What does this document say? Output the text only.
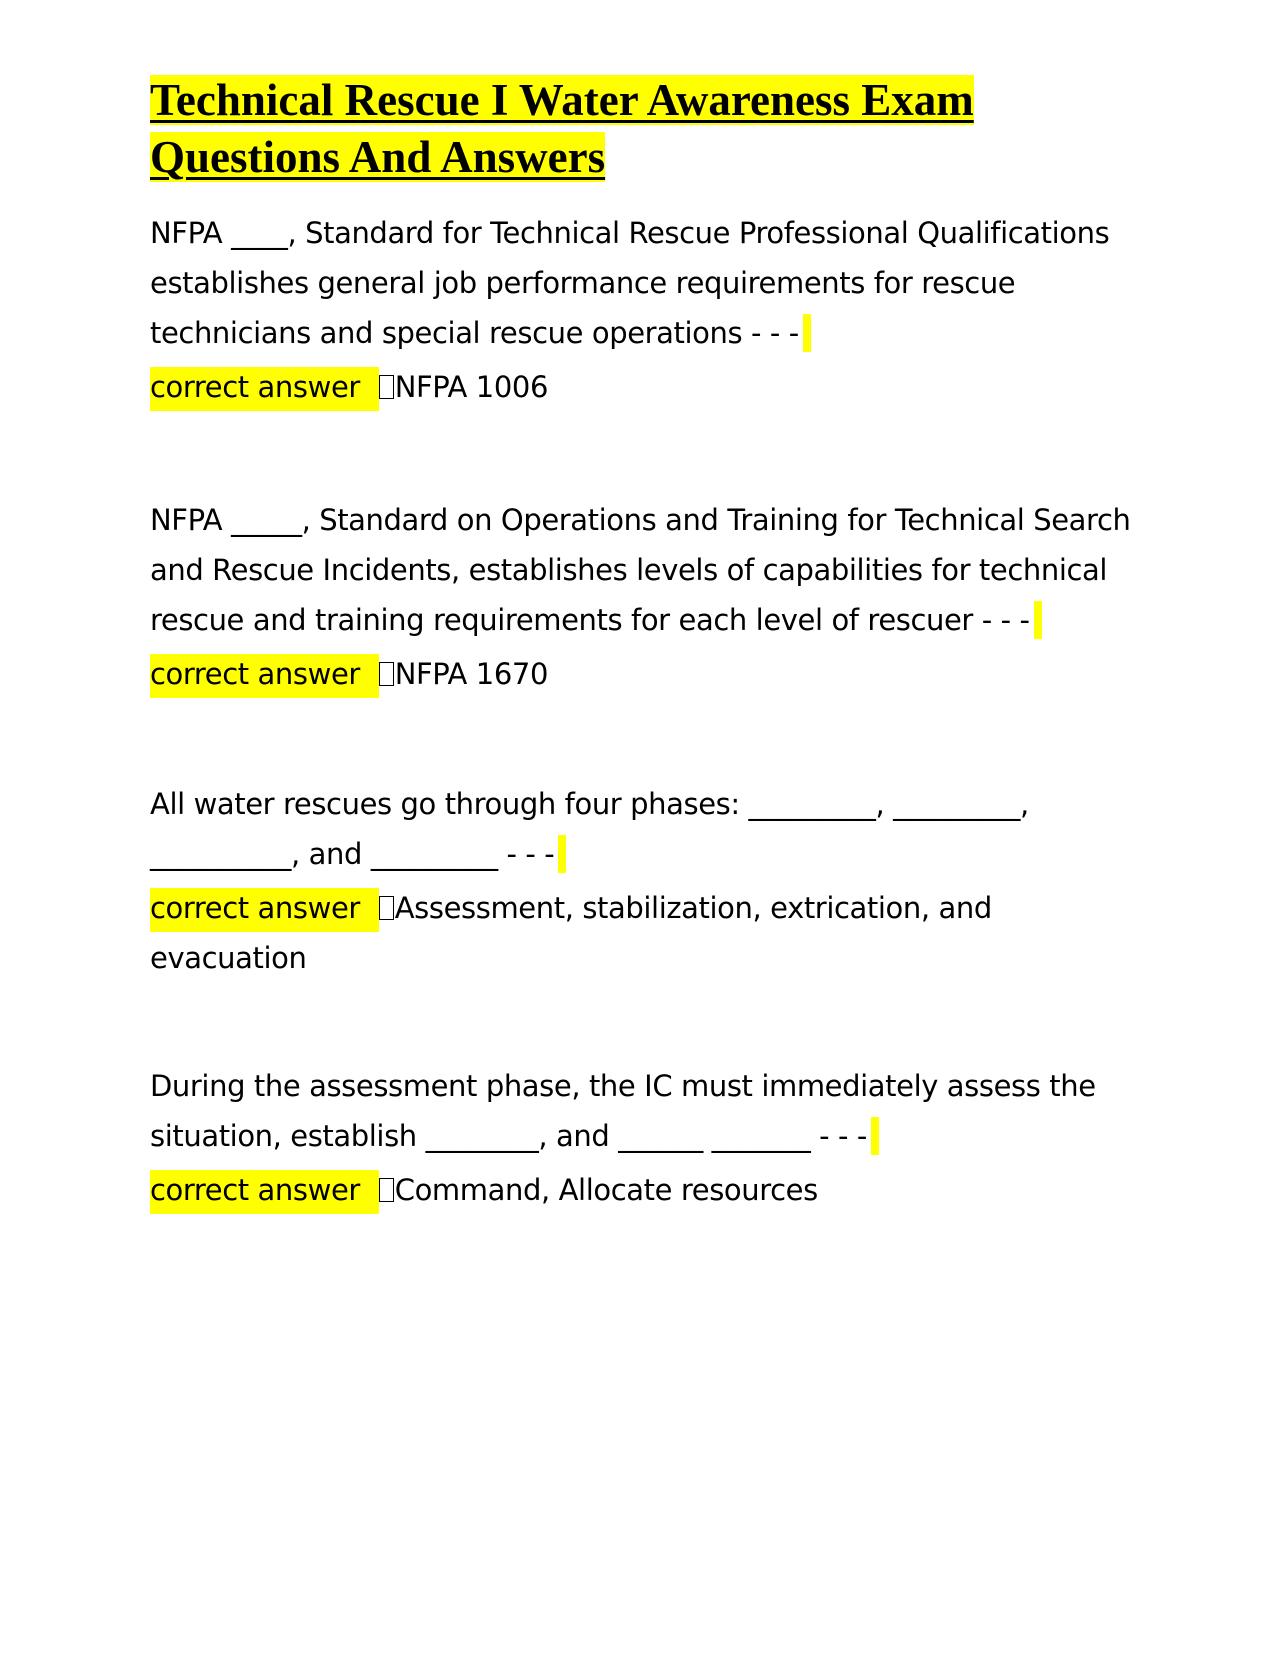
Technical Rescue I Water Awareness Exam
Questions And Answers

NFPA ____, Standard for Technical Rescue Professional Qualifications establishes general job performance requirements for rescue technicians and special rescue operations - - -

correct answer NFPA 1006

NFPA _____, Standard on Operations and Training for Technical Search and Rescue Incidents, establishes levels of capabilities for technical rescue and training requirements for each level of rescuer - - -

correct answer NFPA 1670

All water rescues go through four phases: _________, _________, __________, and _________ - - -

correct answer Assessment, stabilization, extrication, and evacuation

During the assessment phase, the IC must immediately assess the situation, establish ________, and ______ _______ - - -

correct answer Command, Allocate resources
